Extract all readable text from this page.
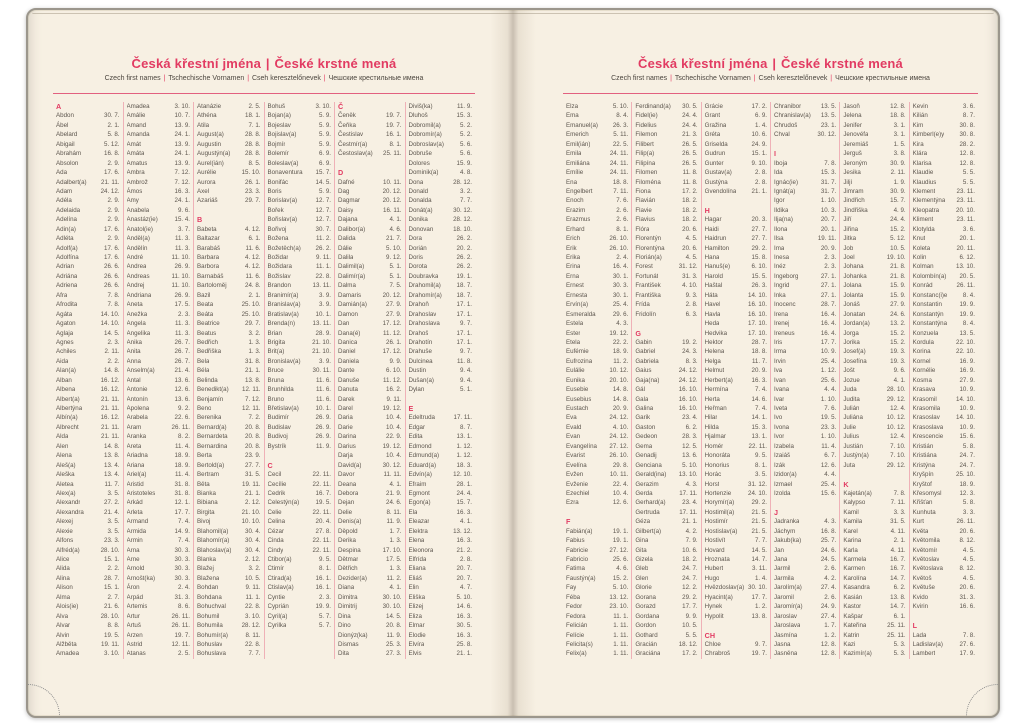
Česká křestní jména | České krstné mená
Czech first names | Tschechische Vornamen | Cseh keresztelőnevek | Чешские крестильные имена
A
Abdon	30. 7.
Ábel	2. 1.
Abelard	5. 8.
Abigail	5. 12.
Abrahám	16. 8.
Absolon	2. 9.
Ada	17. 6.
Adalbert(a) 21. 11.
Adam	24. 12.
Adéla	2. 9.
Adelaida	2. 9.
Adelína	2. 9.
Adin(a)	17. 6.
Adléta	2. 9.
Adolf(a)	17. 6.
Adolfína	17. 6.
Adrian	26. 6.
Adriána	26. 6.
Adriena	26. 6.
Afra	7. 8.
Afrodita	7. 8.
Agáta	14. 10.
Agaton	14. 10.
Aglaja	14. 5.
Agnes	2. 3.
Achiles	2. 11.
Aida	2. 2.
Alan(a)	14. 8.
Alban	16. 12.
Albena	16. 12.
Albert(a)	21. 11.
Albertýna	21. 11.
Albín(a)	16. 12.
Albrecht	21. 11.
Alda	21. 11.
Alen	14. 8.
Alena	13. 8.
Aleš(a)	13. 4.
Aleška	13. 4.
Aletea	11. 7.
Alex(a)	3. 5.
Alexandr	27. 2.
Alexandra	21. 4.
Alexej	3. 5.
Alexie	3. 5.
Alfons	23. 3.
Alfréd(a)	28. 10.
Alice	15. 1.
Alida	2. 2.
Alina	28. 7.
Alison	15. 1.
Alma	2. 7.
Alois(ie)	21. 6.
Alva	28. 10.
Alvar	8. 8.
Alvin	19. 5.
Alžběta	19. 11.
Amadea	3. 10.
Amadea	3. 10.
Amálie	10. 7.
Amand	13. 9.
Amanda	24. 1.
Amát	13. 9.
Amáta	24. 1.
Amatus	13. 9.
Ambra	7. 12.
Ambrož	7. 12.
Ámos	16. 3.
Amy	24. 1.
Anabela	9. 6.
Anastáz(ie)	15. 4.
Anatol(ie)	3. 7.
Anděl(a)	11. 3.
Andělín	11. 3.
André	11. 10.
Andrea	26. 9.
Andreas	11. 10.
Andrej	11. 10.
Andriana	26. 9.
Aneta	17. 5.
Anežka	2. 3.
Angela	11. 3.
Angelika	11. 3.
Anika	26. 7.
Anita	26. 7.
Anna	26. 7.
Anselm(a)	21. 4.
Antal	13. 6.
Antonie	12. 6.
Antonín	13. 6.
Apolena	9. 2.
Arabela	22. 6.
Aram	26. 11.
Aranka	8. 2.
Areta	11. 4.
Ariadna	18. 9.
Ariana	18. 9.
Ariel(a)	11. 4.
Aristid	31. 8.
Aristoteles	31. 8.
Arkád	12. 1.
Arleta	17. 7.
Armand	7. 4.
Armida	14. 9.
Armin	7. 4.
Arna	30. 3.
Arne	30. 3.
Arnold	30. 3.
Arnošt(ka)	30. 3.
Áron	2. 4.
Arpád	31. 3.
Artemis	8. 6.
Artur	26. 11.
Artuš	26. 11.
Arzen	19. 7.
Astrid	12. 11.
Atanas	2. 5.
Atanázie	2. 5.
Athéna	18. 1.
Atila	7. 1.
August(a)	28. 8.
Augustin	28. 8.
Augustýn(a) 28. 8.
Aurel(ián)	8. 5.
Aurélie	15. 10.
Aurora	26. 1.
Axel	23. 3.
Azariáš	29. 7.
B
Babeta	4. 12.
Baltazar	6. 1.
Barabáš	11. 6.
Barbara	4. 12.
Barbora	4. 12.
Barnabáš	11. 6.
Bartoloměj	24. 8.
Bazil	2. 1.
Beata	25. 10.
Beáta	25. 10.
Beatrice	29. 7.
Beatus	3. 2.
Bedřich	1. 3.
Bedřiška	1. 3.
Bela	31. 8.
Béla	21. 1.
Belinda	13. 8.
Benedikt(a) 12. 11.
Benjamín	7. 12.
Beno	12. 11.
Berenika	7. 2.
Bernard(a)	20. 8.
Bernardeta	20. 8.
Bernardina	20. 8.
Berta	23. 9.
Bertold(a)	27. 7.
Bertram	31. 5.
Běta	19. 11.
Bianka	21. 1.
Bibiana	2. 12.
Birgita	21. 10.
Bivoj	10. 10.
Blahomil(a)	30. 4.
Blahomír(a)	30. 4.
Blahoslav(a) 30. 4.
Blanka	2. 12.
Blažej	3. 2.
Blažena	10. 5.
Bohdan	9. 11.
Bohdana	11. 1.
Bohuchval	22. 8.
Bohumil	3. 10.
Bohumila	28. 12.
Bohumír(a)	8. 11.
Bohuslav	22. 8.
Bohuslava	7. 7.
Bohuš	3. 10.
Bojan(a)	5. 9.
Bojeslav	5. 9.
Bojislav(a)	5. 9.
Bojmír	5. 9.
Bolemír	6. 9.
Boleslav(a)	6. 9.
Bonaventura 15. 7.
Bonifác	14. 5.
Boris	5. 9.
Borislav(a)	12. 7.
Bořek	12. 7.
Bořislav(a)	12. 7.
Bořivoj	30. 7.
Božena	11. 2.
Božetěch(a) 26. 2.
Božidar	9. 11.
Božidara	11. 1.
Božislav	22. 8.
Brandon	13. 11.
Branimír(a)	3. 9.
Branislav(a)	3. 9.
Bratislav(a)	10. 1.
Brenda(n)	13. 11.
Brian	28. 9.
Brigita	21. 10.
Brit(a)	21. 10.
Bronislav(a)	3. 9.
Bruce	30. 11.
Bruna	11. 6.
Brunhilda	11. 6.
Bruno	11. 6.
Břetislav(a)	10. 1.
Budimír	26. 9.
Budislav	26. 9.
Budivoj	26. 9.
Bystrík	11. 9.
C
Cecil	22. 11.
Cecílie	22. 11.
Cedrik	16. 7.
Celestýn(a)	19. 5.
Celie	22. 11.
Celina	20. 4.
Cézar	27. 8.
Cinda	22. 11.
Cindy	22. 11.
Ctibor(a)	9. 5.
Ctimír	8. 1.
Ctirad(a)	16. 1.
Ctislav(a)	16. 1.
Cyntie	2. 3.
Cyprián	19. 9.
Cyril(a)	5. 7.
Cyrilka	5. 7.
Č
Čeněk	19. 7.
Čeňka	19. 7.
Čestislav	16. 1.
Čestmír(a)	8. 1.
Čestoslav(a) 25. 11.
D
Dafné	10. 11.
Dag	20. 12.
Dagmar	20. 12.
Daisy	16. 11.
Dajana	4. 1.
Dalibor(a)	4. 6.
Dalida	21. 7.
Dálie	5. 10.
Dalila	9. 12.
Dalimil(a)	5. 1.
Dalimír(a)	5. 1.
Dalma	7. 5.
Damaris	20. 12.
Damián(a)	27. 9.
Damon	27. 9.
Dan	17. 12.
Dana(é)	11. 12.
Danica	26. 1.
Daniel	17. 12.
Daniela	9. 9.
Dante	6. 10.
Danuše	11. 12.
Danuta	16. 2.
Darek	9. 11.
Darel	19. 12.
Daria	10. 4.
Darie	10. 4.
Darina	22. 9.
Darius	19. 12.
Darja	10. 4.
David(a)	30. 12.
Davor	11. 11.
Deana	4. 1.
Debora	21. 9.
Dejan	24. 6.
Delie	8. 11.
Denis(a)	11. 9.
Děpold	1. 7.
Derika	1. 3.
Despina	17. 10.
Dětmar	17. 5.
Dětřich	1. 3.
Dezider(a)	11. 2.
Diana	4. 1.
Dimitra	30. 10.
Dimitrij	30. 10.
Dina	14. 5.
Dino	20. 8.
Dionýz(ka)	11. 9.
Dismas	25. 3.
Dita	27. 3.
Diviš(ka)	11. 9.
Dluhoš	15. 3.
Dobromil(a)	5. 2.
Dobromír(a)	5. 2.
Dobroslav(a)	5. 6.
Dobruše	5. 6.
Dolores	15. 9.
Dominik(a)	4. 8.
Dona	28. 12.
Donald	3. 2.
Donalda	7. 7.
Donát(a)	30. 12.
Donika	28. 12.
Donovan	18. 10.
Dora	26. 2.
Dorián	20. 2.
Doris	26. 2.
Dorota	26. 2.
Doubravka	19. 1.
Drahomil(a)	18. 7.
Drahomír(a) 18. 7.
Drahoň	17. 1.
Drahoslav	17. 1.
Drahoslava	9. 7.
Drahoš	17. 1.
Drahotín	17. 1.
Drahuše	9. 7.
Dulcinea	11. 8.
Dustin	9. 4.
Dušan(a)	9. 4.
Dylan	5. 1.
E
Edeltruda	17. 11.
Edgar	8. 7.
Edita	13. 1.
Edmond	1. 12.
Edmund(a)	1. 12.
Eduard(a)	18. 3.
Edvín(a)	12. 10.
Efraim	28. 1.
Egmont	24. 4.
Egon(a)	15. 7.
Ela	16. 3.
Eleazar	4. 1.
Elektra	13. 12.
Elena	16. 3.
Eleonora	21. 2.
Elfrída	2. 8.
Eliana	20. 7.
Eliáš	20. 7.
Elin	4. 7.
Eliška	5. 10.
Elizej	14. 6.
Eliza	16. 3.
Elmar	30. 5.
Elodie	16. 3.
Elvíra	25. 8.
Elvis	21. 1.
Česká křestní jména | České krstné mená
Czech first names | Tschechische Vornamen | Cseh keresztelőnevek | Чешские крестильные имена
Elza	5. 10.
Ema	8. 4.
Emanuel(a) 26. 3.
Emerich	5. 11.
Emil(ián)	22. 5.
Emila	24. 11.
Emiliána	24. 11.
Emílie	24. 11.
Ena	18. 8.
Engelbert	7. 11.
Enoch	7. 6.
Erazim	2. 6.
Erazmus	2. 6.
Erhard	8. 1.
Erich	26. 10.
Erik	26. 10.
Erika	2. 4.
Erina	16. 4.
Erna	30. 1.
Ernest	30. 3.
Ernesta	30. 1.
Ervín(a)	25. 4.
Esmeralda	29. 6.
Estela	4. 3.
Ester	19. 12.
Etela	22. 2.
Eufémie	18. 9.
Eufrozina	11. 2.
Eulálie	10. 12.
Eunika	20. 10.
Eusebie	14. 8.
Eusebius	14. 8.
Eustach	20. 9.
Eva	24. 12.
Evald	4. 10.
Evan	24. 12.
Evangelína 27. 12.
Evarist	26. 10.
Evelína	29. 8.
Evžen	10. 11.
Evženie	22. 4.
Ezechiel	10. 4.
Ezra	12. 6.
F
Fabián(a)	19. 1.
Fabius	19. 1.
Fabricie	27. 12.
Fabricio	25. 6.
Fatima	4. 6.
Faustýn(a)	15. 2.
Fay	5. 10.
Féba	13. 12.
Fedor	23. 10.
Fedora	11. 1.
Felicián	1. 11.
Felície	1. 11.
Felicita(s)	1. 11.
Felix(a)	1. 11.
Ferdinand(a) 30. 5.
Fidel(ie)	24. 4.
Fidelius	24. 4.
Filemon	21. 3.
Filibert	26. 5.
Filip(a)	26. 5.
Filipína	26. 5.
Filomen	11. 8.
Filoména	11. 8.
Fiona	17. 2.
Flavián	18. 2.
Flavie	18. 2.
Flavius	18. 2.
Flóra	20. 6.
Florentýn	4. 5.
Florentýna	20. 6.
Florián(a)	4. 5.
Forest	31. 12.
Fortunát	31. 3.
František	4. 10.
Františka	9. 3.
Frída	2. 8.
Fridolín	6. 3.
G
Gabin	19. 2.
Gabriel	24. 3.
Gabriela	8. 3.
Gaius	24. 12.
Gaja(na)	24. 12.
Gál	16. 10.
Gala	16. 10.
Galina	16. 10.
Garik	23. 4.
Gaston	6. 2.
Gedeon	28. 3.
Gema	12. 5.
Genadij	13. 6.
Genciana	5. 10.
Gerald(ina) 13. 10.
Gerazim	4. 3.
Gerda	17. 11.
Gerhard(a)	23. 4.
Gertruda	17. 11.
Géza	21. 1.
Gilbert(a)	4. 2.
Gina	7. 9.
Gita	10. 6.
Gizela	18. 2.
Gleb	24. 7.
Glen	24. 7.
Glorie	12. 2.
Gorana	29. 2.
Gorazd	17. 7.
Gordana	9. 9.
Gordon	10. 5.
Gothard	5. 5.
Gracián	18. 12.
Graciána	17. 2.
Grácie	17. 2.
Grant	6. 9.
Gražina	1. 4.
Gréta	10. 6.
Griselda	24. 9.
Gudrun	15. 1.
Gunter	9. 10.
Gustav(a)	2. 8.
Gustýna	2. 8.
Gvendolína 21. 1.
H
Hagar	20. 3.
Haidi	27. 7.
Haidrun	27. 7.
Hamilton	29. 2.
Hana	15. 8.
Hanuš(e)	6. 10.
Harold	15. 5.
Haštal	26. 3.
Háta	14. 10.
Havel	16. 10.
Havla	16. 10.
Heda	17. 10.
Hedvika	17. 10.
Hektor	28. 7.
Helena	18. 8.
Helga	11. 7.
Helmut	20. 9.
Herbert(a)	16. 3.
Hermína	7. 4.
Herta	14. 6.
Heřman	7. 4.
Hilar	14. 1.
Hilda	15. 3.
Hjalmar	13. 1.
Homér	22. 11.
Honoráta	9. 5.
Honorius	8. 1.
Horác	3. 5.
Horst	31. 12.
Hortenzie	24. 10.
Horymír(a)	29. 2.
Hostimil(a)	21. 5.
Hostimír	21. 5.
Hostislav(a) 21. 5.
Hostivít	7. 7.
Hovard	14. 5.
Hroznata	14. 7.
Hubert	3. 11.
Hugo	1. 4.
Hvězdoslav(a) 30. 10.
Hyacint(a)	17. 7.
Hynek	1. 2.
Hypolit	13. 8.
CH
Chloe	9. 7.
Chrabroš	19. 7.
Chranibor	13. 5.
Chranislav(a) 13. 5.
Chrudoš	23. 1.
Chval	30. 12.
I
Iboja	7. 8.
Ida	15. 3.
Ignác(ie)	31. 7.
Ignát(a)	31. 7.
Igor	1. 10.
Ildika	10. 3.
Ilja(na)	20. 7.
Ilona	20. 1.
Ilsa	19. 11.
Ima	20. 9.
Inesa	2. 3.
Inéz	2. 3.
Ingeborg	27. 1.
Ingrid	27. 1.
Inka	27. 1.
Inocenc	28. 7.
Irena	16. 4.
Irenej	16. 4.
Ireneus	16. 4.
Iris	17. 7.
Irma	10. 9.
Irvin	25. 4.
Iva	1. 12.
Ivan	25. 6.
Ivana	4. 4.
Ivar	1. 10.
Iveta	7. 6.
Ivo	19. 5.
Ivona	23. 3.
Ivor	1. 10.
Izabela	11. 4.
Izaiáš	6. 7.
Izák	12. 6.
Izidor(a)	4. 4.
Izmael	25. 4.
Izolda	15. 6.
J
Jadranka	4. 3.
Jáchym	16. 8.
Jakub(ka)	25. 7.
Jan	24. 6.
Jana	24. 5.
Jarmil	2. 6.
Jarmila	4. 2.
Jarolím(a)	27. 4.
Jaromil	2. 6.
Jaromír(a)	24. 9.
Jaroslav	27. 4.
Jaroslava	1. 7.
Jasmína	1. 2.
Jasna	12. 8.
Jasněna	12. 8.
Jasoň	12. 8.
Jelena	18. 8.
Jenifer	3. 1.
Jenovéfa	3. 1.
Jeremiáš	1. 5.
Jerguš	3. 8.
Jeroným	30. 9.
Jesika	2. 11.
Jiljí	1. 9.
Jimram	30. 9.
Jindřich	15. 7.
Jindřiška	4. 9.
Jiří	24. 4.
Jiřina	15. 2.
Jitka	5. 12.
Job	10. 5.
Joel	19. 10.
Johana	21. 8.
Johanka	21. 8.
Jolana	15. 9.
Jolanta	15. 9.
Jonáš	27. 9.
Jonatan	24. 6.
Jordan(a)	13. 2.
Jorga	15. 2.
Jorika	15. 2.
Josef(a)	19. 3.
Josefína	19. 3.
Jošt	9. 6.
Jozue	4. 1.
Juda	28. 10.
Judita	29. 12.
Julián	12. 4.
Juliána	10. 12.
Julie	10. 12.
Julius	12. 4.
Justián	7. 10.
Justýn(a)	7. 10.
Juta	29. 12.
K
Kajetán(a)	7. 8.
Kalypso	7. 11.
Kamil	3. 3.
Kamila	31. 5.
Karel	4. 11.
Karina	2. 1.
Karla	4. 11.
Karmela	16. 7.
Karmen	16. 7.
Karolína	14. 7.
Kasandra	6. 2.
Kasián	13. 8.
Kastor	14. 7.
Kašpar	6. 1.
Kateřina	25. 11.
Katrin	25. 11.
Kazi	5. 3.
Kazimír(a)	5. 3.
Kevin	3. 6.
Kilián	8. 7.
Kim	30. 8.
Kimberl(e)y 30. 8.
Kira	28. 2.
Klára	12. 8.
Klarisa	12. 8.
Klaudie	5. 5.
Klaudius	5. 5.
Klement	23. 11.
Klementýna 23. 11.
Kleopatra	20. 10.
Kliment	23. 11.
Klotylda	3. 6.
Knut	20. 1.
Koleta	20. 11.
Kolin	6. 12.
Kolman	13. 10.
Kolombín(a) 20. 5.
Konrád	26. 11.
Konstanc(i)e	8. 4.
Konstantin	19. 9.
Konstantýn	19. 9.
Konstantýna	8. 4.
Konzuela	13. 5.
Kordula	22. 10.
Korina	22. 10.
Kornel	16. 9.
Kornélie	16. 9.
Kosma	27. 9.
Krasava	10. 9.
Krasomil	14. 10.
Krasomila	10. 9.
Krasoslav	14. 10.
Krasoslava	10. 9.
Krescencie	15. 6.
Kristián	5. 8.
Kristiána	24. 7.
Kristýna	24. 7.
Kryšpín	25. 10.
Kryštof	18. 9.
Křesomysl	12. 3.
Křišťan	5. 8.
Kunhuta	3. 3.
Kurt	26. 11.
Květa	20. 6.
Květomila	8. 12.
Květomír	4. 5.
Květoslav	4. 5.
Květoslava	8. 12.
Květoš	4. 5.
Květuše	20. 6.
Kvido	31. 3.
Kvirin	16. 6.
L
Lada	7. 8.
Ladislav(a)	27. 6.
Lambert	17. 9.
